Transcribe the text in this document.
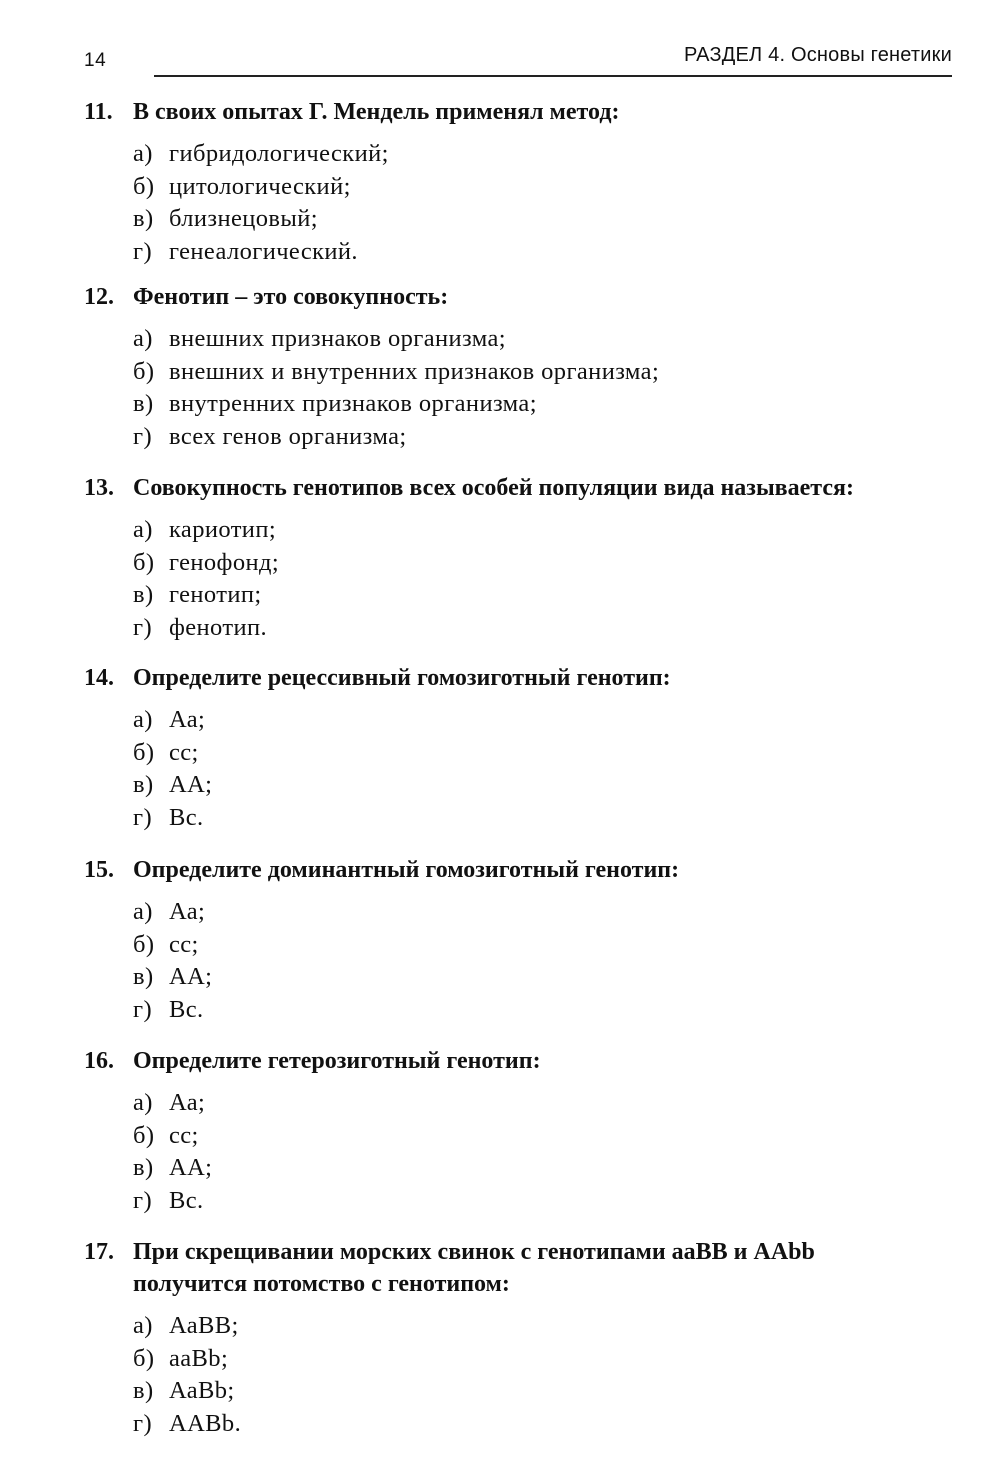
14	РАЗДЕЛ 4. Основы генетики
11. В своих опытах Г. Мендель применял метод:
а) гибридологический;
б) цитологический;
в) близнецовый;
г) генеалогический.
12. Фенотип – это совокупность:
а) внешних признаков организма;
б) внешних и внутренних признаков организма;
в) внутренних признаков организма;
г) всех генов организма;
13. Совокупность генотипов всех особей популяции вида называется:
а) кариотип;
б) генофонд;
в) генотип;
г) фенотип.
14. Определите рецессивный гомозиготный генотип:
а) Аа;
б) сс;
в) АА;
г) Вс.
15. Определите доминантный гомозиготный генотип:
а) Аа;
б) сс;
в) АА;
г) Вс.
16. Определите гетерозиготный генотип:
а) Аа;
б) сс;
в) АА;
г) Вс.
17. При скрещивании морских свинок с генотипами ааВВ и ААbb получится потомство с генотипом:
а) АаВВ;
б) ааВb;
в) АаВb;
г) ААВb.
